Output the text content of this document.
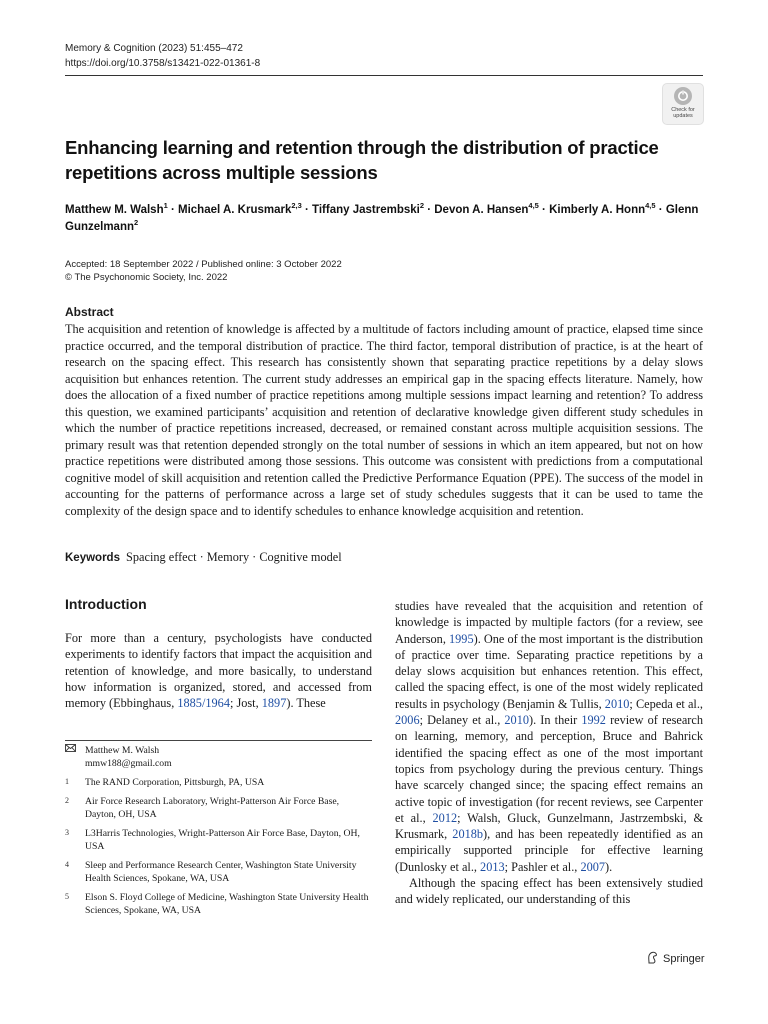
Memory & Cognition (2023) 51:455–472
https://doi.org/10.3758/s13421-022-01361-8
Check for
updates
Enhancing learning and retention through the distribution of practice repetitions across multiple sessions
Matthew M. Walsh$^1$ · Michael A. Krusmark$^{2,3}$ · Tiffany Jastrembski$^2$ · Devon A. Hansen$^{4,5}$ · Kimberly A. Honn$^{4,5}$ · Glenn Gunzelmann$^2$
Accepted: 18 September 2022 / Published online: 3 October 2022
© The Psychonomic Society, Inc. 2022
Abstract
The acquisition and retention of knowledge is affected by a multitude of factors including amount of practice, elapsed time since practice occurred, and the temporal distribution of practice. The third factor, temporal distribution of practice, is at the heart of research on the spacing effect. This research has consistently shown that separating practice repetitions by a delay slows acquisition but enhances retention. The current study addresses an empirical gap in the spacing effects literature. Namely, how does the allocation of a fixed number of practice repetitions among multiple sessions impact learning and retention? To address this question, we examined participants’ acquisition and retention of declarative knowledge given different study schedules in which the number of practice repetitions increased, decreased, or remained constant across multiple acquisition sessions. The primary result was that retention depended strongly on the total number of sessions in which an item appeared, but not on how practice repetitions were distributed among those sessions. This outcome was consistent with predictions from a computational cognitive model of skill acquisition and retention called the Predictive Performance Equation (PPE). The success of the model in accounting for the patterns of performance across a large set of study schedules suggests that it can be used to tame the complexity of the design space and to identify schedules to enhance knowledge acquisition and retention.
Keywords Spacing effect · Memory · Cognitive model
Introduction

For more than a century, psychologists have conducted experiments to identify factors that impact the acquisition and retention of knowledge, and more basically, to understand how information is organized, stored, and accessed from memory (Ebbinghaus, 1885/1964; Jost, 1897). These

Matthew M. Walsh
mmw188@gmail.com
1	The RAND Corporation, Pittsburgh, PA, USA
2	Air Force Research Laboratory, Wright-Patterson Air Force Base, Dayton, OH, USA
3	L3Harris Technologies, Wright-Patterson Air Force Base, Dayton, OH, USA
4	Sleep and Performance Research Center, Washington State University Health Sciences, Spokane, WA, USA
5	Elson S. Floyd College of Medicine, Washington State University Health Sciences, Spokane, WA, USA

studies have revealed that the acquisition and retention of knowledge is impacted by multiple factors (for a review, see Anderson, 1995). One of the most important is the distribution of practice over time. Separating practice repetitions by a delay slows acquisition but enhances retention. This effect, called the spacing effect, is one of the most widely replicated results in psychology (Benjamin & Tullis, 2010; Cepeda et al., 2006; Delaney et al., 2010). In their 1992 review of research on learning, memory, and perception, Bruce and Bahrick identified the spacing effect as one of the most important topics from psychology during the previous century. Things have scarcely changed since; the spacing effect remains an active topic of investigation (for recent reviews, see Carpenter et al., 2012; Walsh, Gluck, Gunzelmann, Jastrzembski, & Krusmark, 2018b), and has been repeatedly identified as an empirically supported principle for effective learning (Dunlosky et al., 2013; Pashler et al., 2007).

Although the spacing effect has been extensively studied and widely replicated, our understanding of this

Springer
